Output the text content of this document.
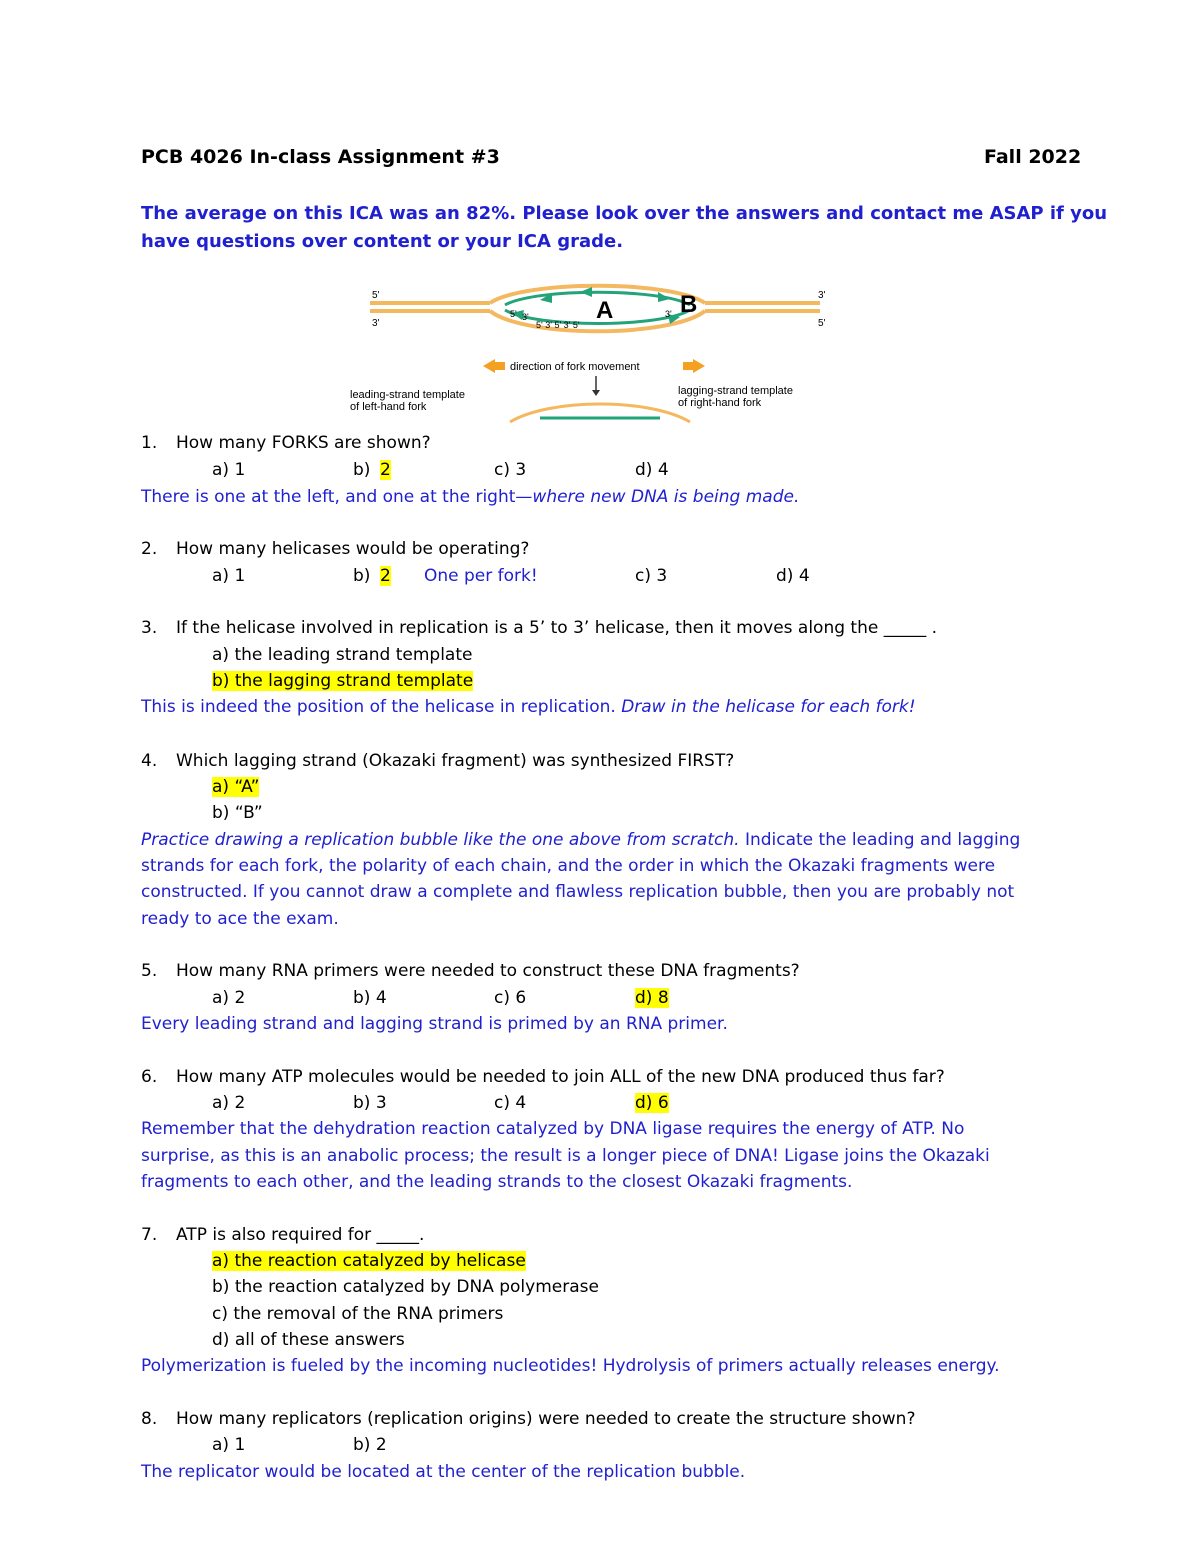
PCB 4026 In-class Assignment #3	Fall 2022
The average on this ICA was an 82%. Please look over the answers and contact me ASAP if you
have questions over content or your ICA grade.
A	B
5'
3'
3'
5'
5' 3'
5' 3' 5' 3' 5'
3'
direction of fork movement
leading-strand template
of left-hand fork
lagging-strand template
of right-hand fork
1. How many FORKS are shown?
a) 1	b) 2	c) 3	d) 4
There is one at the left, and one at the right—where new DNA is being made.
2. How many helicases would be operating?
a) 1	b) 2 One per fork!	c) 3	d) 4
3. If the helicase involved in replication is a 5’ to 3’ helicase, then it moves along the _____ .
a) the leading strand template
b) the lagging strand template
This is indeed the position of the helicase in replication. Draw in the helicase for each fork!
4. Which lagging strand (Okazaki fragment) was synthesized FIRST?
a) “A”
b) “B”
Practice drawing a replication bubble like the one above from scratch. Indicate the leading and lagging
strands for each fork, the polarity of each chain, and the order in which the Okazaki fragments were
constructed. If you cannot draw a complete and flawless replication bubble, then you are probably not
ready to ace the exam.
5. How many RNA primers were needed to construct these DNA fragments?
a) 2	b) 4	c) 6	d) 8
Every leading strand and lagging strand is primed by an RNA primer.
6. How many ATP molecules would be needed to join ALL of the new DNA produced thus far?
a) 2	b) 3	c) 4	d) 6
Remember that the dehydration reaction catalyzed by DNA ligase requires the energy of ATP. No
surprise, as this is an anabolic process; the result is a longer piece of DNA! Ligase joins the Okazaki
fragments to each other, and the leading strands to the closest Okazaki fragments.
7. ATP is also required for _____.
a) the reaction catalyzed by helicase
b) the reaction catalyzed by DNA polymerase
c) the removal of the RNA primers
d) all of these answers
Polymerization is fueled by the incoming nucleotides! Hydrolysis of primers actually releases energy.
8. How many replicators (replication origins) were needed to create the structure shown?
a) 1	b) 2
The replicator would be located at the center of the replication bubble.
